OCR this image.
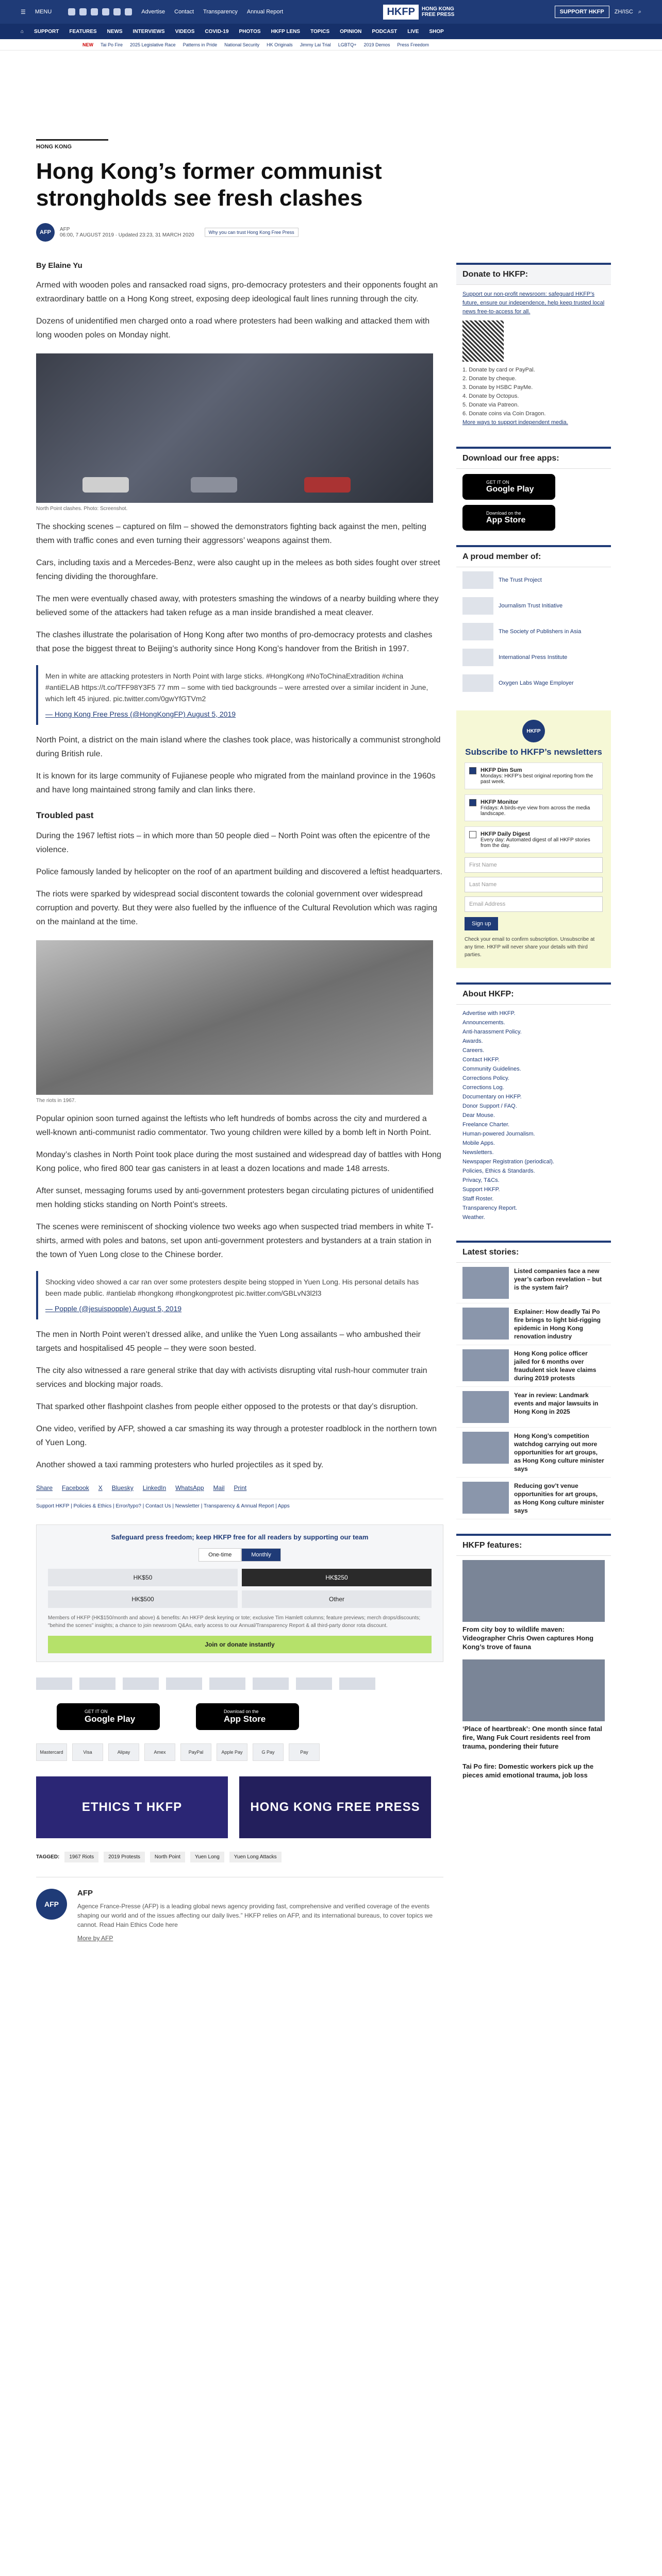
☰ MENU	Advertise Contact Transparency Annual Report	HKFP	HONG KONG
FREE PRESS	SUPPORT HKFP	ZH/ISC ⌕
⌂ SUPPORT FEATURES NEWS INTERVIEWS VIDEOS COVID-19 PHOTOS HKFP LENS TOPICS OPINION PODCAST LIVE SHOP
NEW Tai Po Fire 2025 Legislative Race Patterns in Pride National Security HK Originals Jimmy Lai Trial LGBTQ+ 2019 Demos Press Freedom
HONG KONG
Hong Kong’s former communist strongholds see fresh clashes
AFP	AFP
06:00, 7 AUGUST 2019 · Updated 23:23, 31 MARCH 2020	Why you can trust Hong Kong Free Press
By Elaine Yu

Armed with wooden poles and ransacked road signs, pro-democracy protesters and their opponents fought an extraordinary battle on a Hong Kong street, exposing deep ideological fault lines running through the city.

Dozens of unidentified men charged onto a road where protesters had been walking and attacked them with long wooden poles on Monday night.

North Point clashes. Photo: Screenshot.

The shocking scenes – captured on film – showed the demonstrators fighting back against the men, pelting them with traffic cones and even turning their aggressors’ weapons against them.

Cars, including taxis and a Mercedes-Benz, were also caught up in the melees as both sides fought over street fencing dividing the thoroughfare.

The men were eventually chased away, with protesters smashing the windows of a nearby building where they believed some of the attackers had taken refuge as a man inside brandished a meat cleaver.

The clashes illustrate the polarisation of Hong Kong after two months of pro-democracy protests and clashes that pose the biggest threat to Beijing’s authority since Hong Kong’s handover from the British in 1997.

Men in white are attacking protesters in North Point with large sticks. #HongKong #NoToChinaExtradition #china #antiELAB https://t.co/TFF98Y3F5 77 mm – some with tied backgrounds – were arrested over a similar incident in June, which left 45 injured. pic.twitter.com/0gwYfGTVm2
— Hong Kong Free Press (@HongKongFP) August 5, 2019

North Point, a district on the main island where the clashes took place, was historically a communist stronghold during British rule.

It is known for its large community of Fujianese people who migrated from the mainland province in the 1960s and have long maintained strong family and clan links there.

Troubled past

During the 1967 leftist riots – in which more than 50 people died – North Point was often the epicentre of the violence.

Police famously landed by helicopter on the roof of an apartment building and discovered a leftist headquarters.

The riots were sparked by widespread social discontent towards the colonial government over widespread corruption and poverty. But they were also fuelled by the influence of the Cultural Revolution which was raging on the mainland at the time.

The riots in 1967.

Popular opinion soon turned against the leftists who left hundreds of bombs across the city and murdered a well-known anti-communist radio commentator. Two young children were killed by a bomb left in North Point.

Monday’s clashes in North Point took place during the most sustained and widespread day of battles with Hong Kong police, who fired 800 tear gas canisters in at least a dozen locations and made 148 arrests.

After sunset, messaging forums used by anti-government protesters began circulating pictures of unidentified men holding sticks standing on North Point’s streets.

The scenes were reminiscent of shocking violence two weeks ago when suspected triad members in white T-shirts, armed with poles and batons, set upon anti-government protesters and bystanders at a train station in the town of Yuen Long close to the Chinese border.

Shocking video showed a car ran over some protesters despite being stopped in Yuen Long. His personal details has been made public. #antielab #hongkong #hongkongprotest pic.twitter.com/GBLvN3l2l3
— Popple (@jesuispopple) August 5, 2019

The men in North Point weren’t dressed alike, and unlike the Yuen Long assailants – who ambushed their targets and hospitalised 45 people – they were soon bested.

The city also witnessed a rare general strike that day with activists disrupting vital rush-hour commuter train services and blocking major roads.

That sparked other flashpoint clashes from people either opposed to the protests or that day’s disruption.

One video, verified by AFP, showed a car smashing its way through a protester roadblock in the northern town of Yuen Long.

Another showed a taxi ramming protesters who hurled projectiles as it sped by.

Share Facebook X Bluesky LinkedIn WhatsApp Mail Print
Support HKFP | Policies & Ethics | Error/typo? | Contact Us | Newsletter | Transparency & Annual Report | Apps
Safeguard press freedom; keep HKFP free for all readers by supporting our team
One-time	Monthly
HK$50	HK$250
HK$500	Other
Members of HKFP (HK$150/month and above) & benefits: An HKFP desk keyring or tote; exclusive Tim Hamlett columns; feature previews; merch drops/discounts; "behind the scenes" insights; a chance to join newsroom Q&As, early access to our Annual/Transparency Report & all third-party donor rota discount.
Join or donate instantly
GET IT ON
Google Play
Download on the
App Store
Mastercard	Visa	Alipay	Amex	PayPal	Apple Pay	G Pay	Pay
ETHICS T HKFP	HONG KONG FREE PRESS
TAGGED:	1967 Riots	2019 Protests	North Point	Yuen Long	Yuen Long Attacks
AFP
AFP

Agence France-Presse (AFP) is a leading global news agency providing fast, comprehensive and verified coverage of the events shaping our world and of the issues affecting our daily lives.” HKFP relies on AFP, and its international bureaus, to cover topics we cannot. Read Hain Ethics Code here

More by AFP

Donate to HKFP:
Support our non-profit newsroom: safeguard HKFP’s future, ensure our independence, help keep trusted local news free-to-access for all.
1. Donate by card or PayPal.
2. Donate by cheque.
3. Donate by HSBC PayMe.
4. Donate by Octopus.
5. Donate via Patreon.
6. Donate coins via Coin Dragon.
More ways to support independent media.
Download our free apps:
GET IT ON
Google Play
Download on the
App Store
A proud member of:
The Trust Project
Journalism Trust Initiative
The Society of Publishers in Asia
International Press Institute
Oxygen Labs Wage Employer
HKFP
Subscribe to HKFP’s newsletters
HKFP Dim Sum
Mondays: HKFP’s best original reporting from the past week.
HKFP Monitor
Fridays: A birds-eye view from across the media landscape.
HKFP Daily Digest
Every day: Automated digest of all HKFP stories from the day.
First Name
Last Name
Email Address
Sign up
Check your email to confirm subscription. Unsubscribe at any time. HKFP will never share your details with third parties.
About HKFP:
Advertise with HKFP.
Announcements.
Anti-harassment Policy.
Awards.
Careers.
Contact HKFP.
Community Guidelines.
Corrections Policy.
Corrections Log.
Documentary on HKFP.
Donor Support / FAQ.
Dear Mouse.
Freelance Charter.
Human-powered Journalism.
Mobile Apps.
Newsletters.
Newspaper Registration (periodical).
Policies, Ethics & Standards.
Privacy, T&Cs.
Support HKFP.
Staff Roster.
Transparency Report.
Weather.
Latest stories:
Listed companies face a new year’s carbon revelation – but is the system fair?
Explainer: How deadly Tai Po fire brings to light bid-rigging epidemic in Hong Kong renovation industry
Hong Kong police officer jailed for 6 months over fraudulent sick leave claims during 2019 protests
Year in review: Landmark events and major lawsuits in Hong Kong in 2025
Hong Kong’s competition watchdog carrying out more opportunities for art groups, as Hong Kong culture minister says
Reducing gov’t venue opportunities for art groups, as Hong Kong culture minister says
HKFP features:
From city boy to wildlife maven: Videographer Chris Owen captures Hong Kong’s trove of fauna
‘Place of heartbreak’: One month since fatal fire, Wang Fuk Court residents reel from trauma, pondering their future
Tai Po fire: Domestic workers pick up the pieces amid emotional trauma, job loss
